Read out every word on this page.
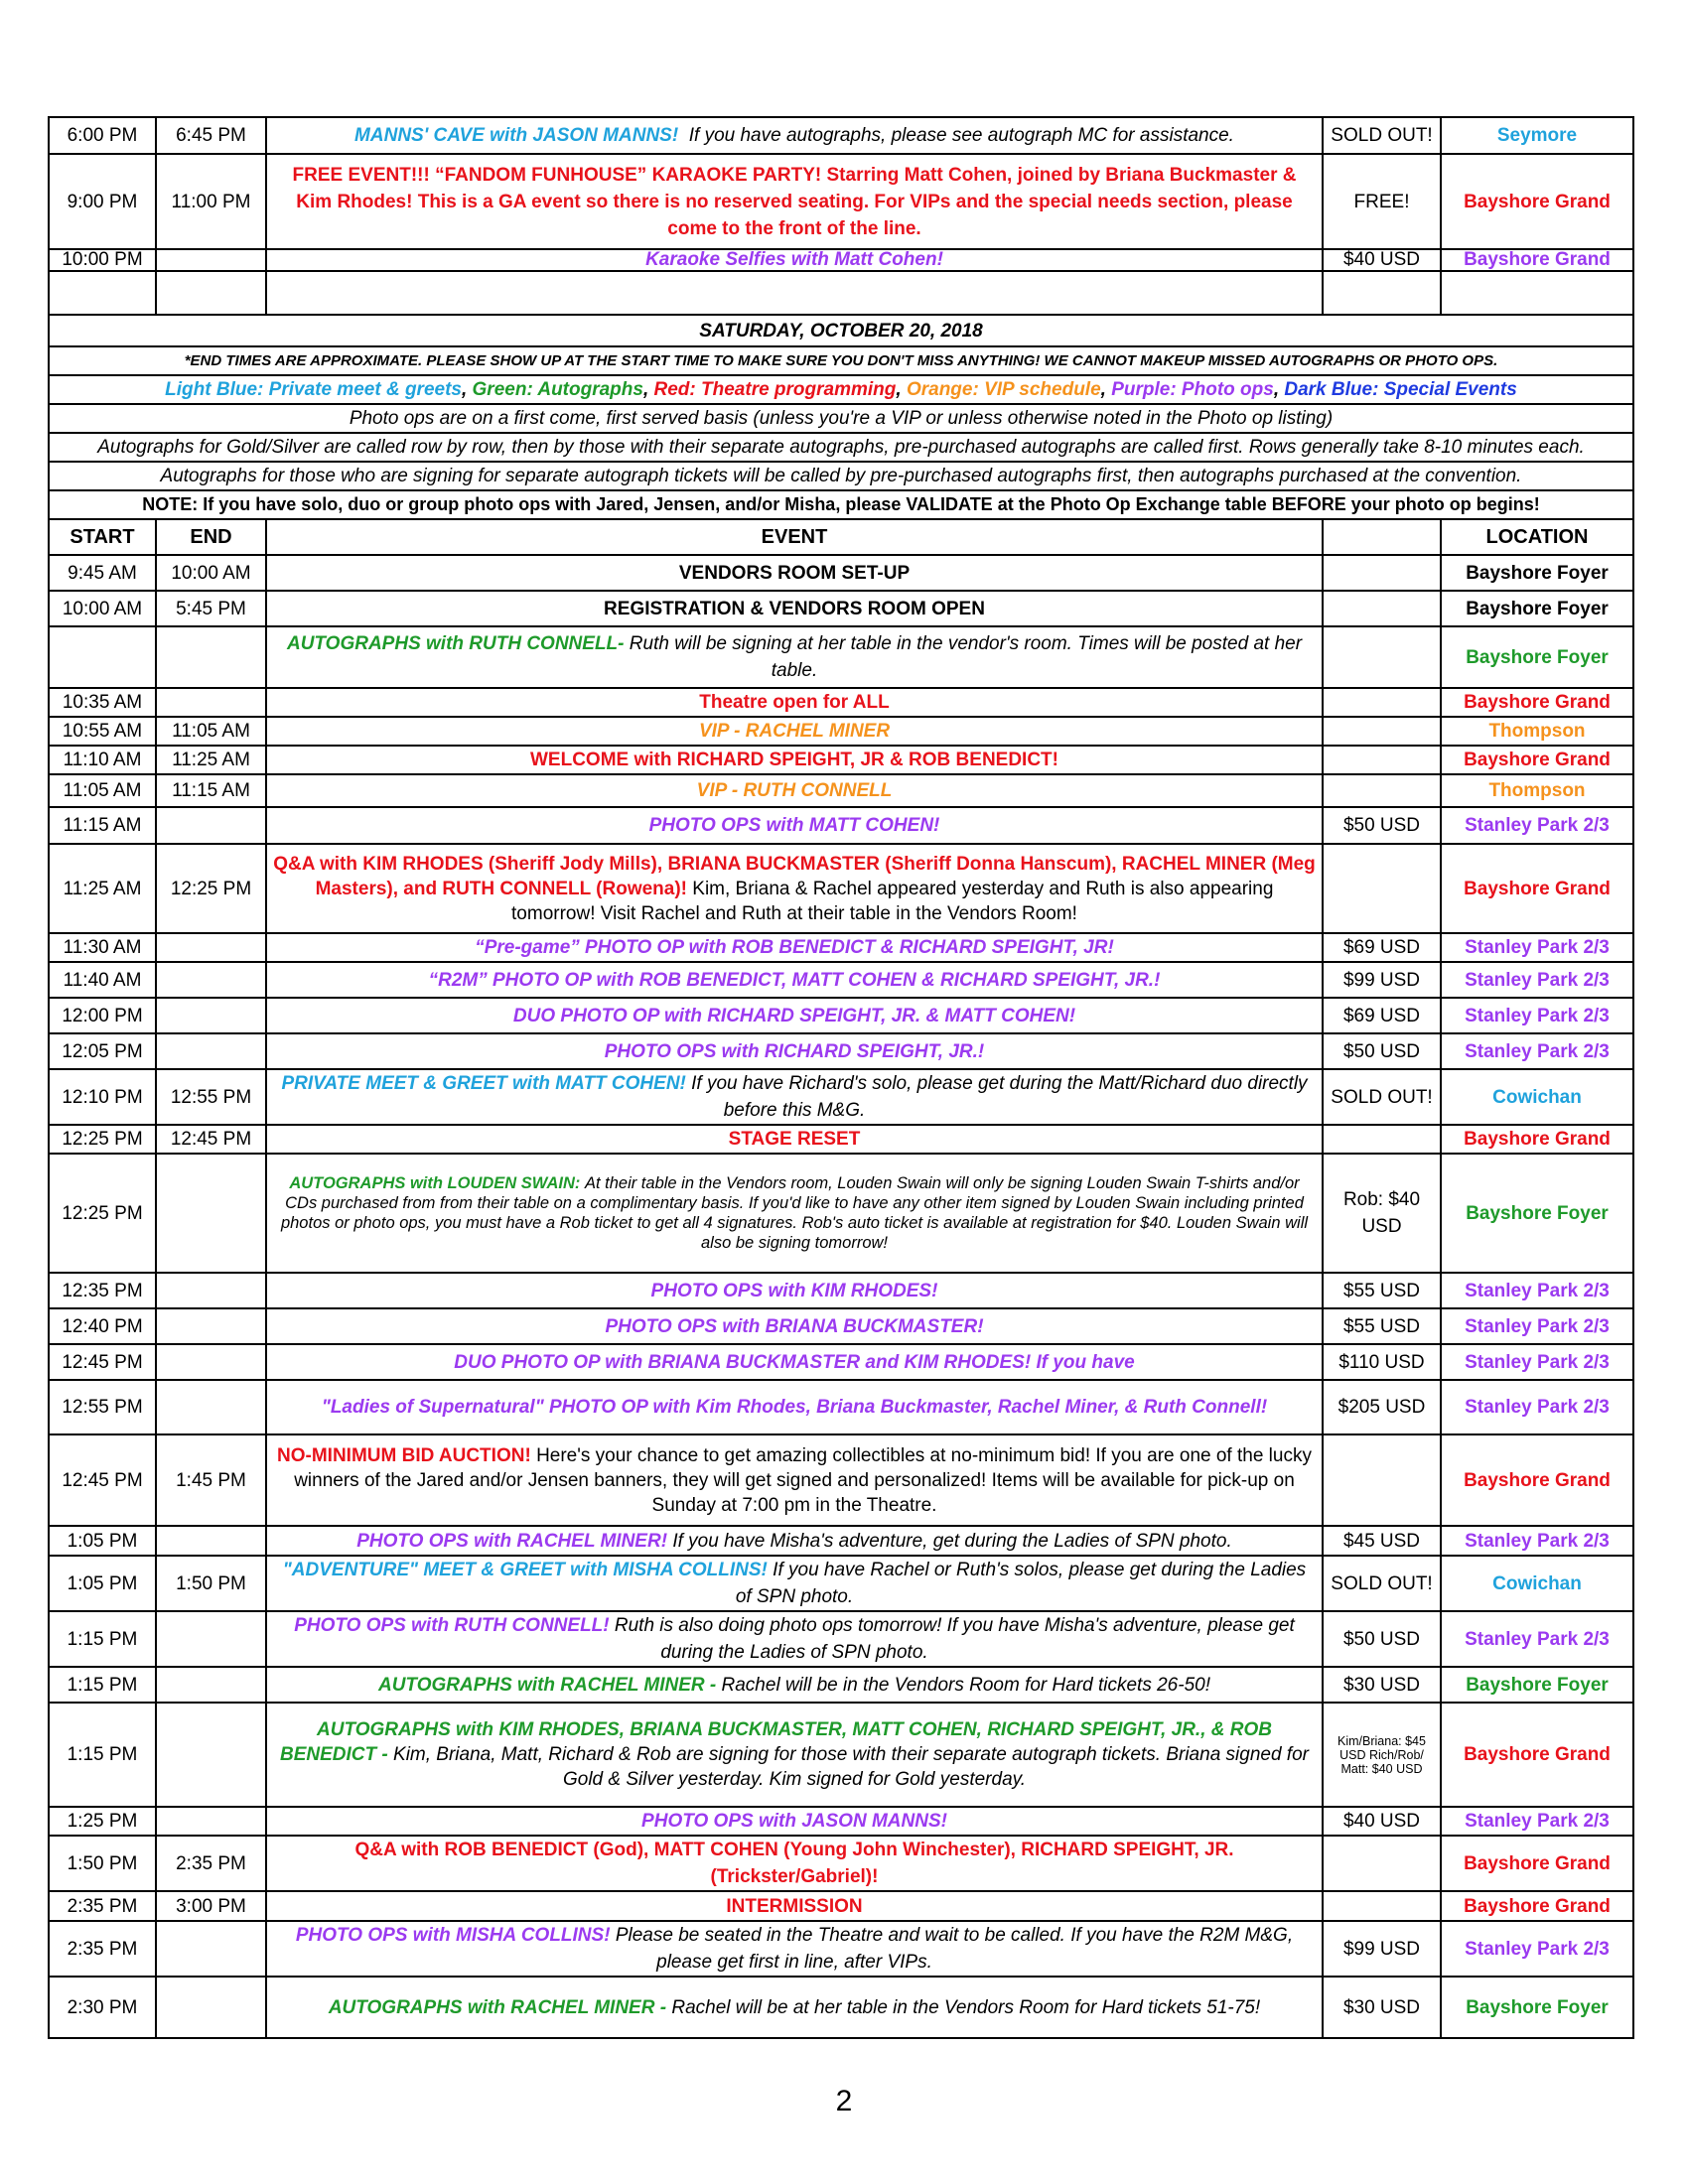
6:00 PM	6:45 PM	MANNS' CAVE with JASON MANNS! If you have autographs, please see autograph MC for assistance.	SOLD OUT!	Seymore
9:00 PM	11:00 PM	FREE EVENT!!! “FANDOM FUNHOUSE” KARAOKE PARTY! Starring Matt Cohen, joined by Briana Buckmaster & Kim Rhodes! This is a GA event so there is no reserved seating. For VIPs and the special needs section, please come to the front of the line.	FREE!	Bayshore Grand
10:00 PM		Karaoke Selfies with Matt Cohen!	$40 USD	Bayshore Grand

SATURDAY, OCTOBER 20, 2018				
*END TIMES ARE APPROXIMATE. PLEASE SHOW UP AT THE START TIME TO MAKE SURE YOU DON'T MISS ANYTHING! WE CANNOT MAKEUP MISSED AUTOGRAPHS OR PHOTO OPS.				
Light Blue: Private meet & greets, Green: Autographs, Red: Theatre programming, Orange: VIP schedule, Purple: Photo ops, Dark Blue: Special Events				
Photo ops are on a first come, first served basis (unless you're a VIP or unless otherwise noted in the Photo op listing)				
Autographs for Gold/Silver are called row by row, then by those with their separate autographs, pre-purchased autographs are called first. Rows generally take 8-10 minutes each.				
Autographs for those who are signing for separate autograph tickets will be called by pre-purchased autographs first, then autographs purchased at the convention.				
NOTE: If you have solo, duo or group photo ops with Jared, Jensen, and/or Misha, please VALIDATE at the Photo Op Exchange table BEFORE your photo op begins!				
START	END	EVENT		LOCATION
9:45 AM	10:00 AM	VENDORS ROOM SET-UP		Bayshore Foyer
10:00 AM	5:45 PM	REGISTRATION & VENDORS ROOM OPEN		Bayshore Foyer
		AUTOGRAPHS with RUTH CONNELL- Ruth will be signing at her table in the vendor's room. Times will be posted at her table.		Bayshore Foyer
10:35 AM		Theatre open for ALL		Bayshore Grand
10:55 AM	11:05 AM	VIP - RACHEL MINER		Thompson
11:10 AM	11:25 AM	WELCOME with RICHARD SPEIGHT, JR & ROB BENEDICT!		Bayshore Grand
11:05 AM	11:15 AM	VIP - RUTH CONNELL		Thompson
11:15 AM		PHOTO OPS with MATT COHEN!	$50 USD	Stanley Park 2/3
11:25 AM	12:25 PM	Q&A with KIM RHODES (Sheriff Jody Mills), BRIANA BUCKMASTER (Sheriff Donna Hanscum), RACHEL MINER (Meg Masters), and RUTH CONNELL (Rowena)! Kim, Briana & Rachel appeared yesterday and Ruth is also appearing tomorrow! Visit Rachel and Ruth at their table in the Vendors Room!		Bayshore Grand
11:30 AM		“Pre-game” PHOTO OP with ROB BENEDICT & RICHARD SPEIGHT, JR!	$69 USD	Stanley Park 2/3
11:40 AM		“R2M” PHOTO OP with ROB BENEDICT, MATT COHEN & RICHARD SPEIGHT, JR.!	$99 USD	Stanley Park 2/3
12:00 PM		DUO PHOTO OP with RICHARD SPEIGHT, JR. & MATT COHEN!	$69 USD	Stanley Park 2/3
12:05 PM		PHOTO OPS with RICHARD SPEIGHT, JR.!	$50 USD	Stanley Park 2/3
12:10 PM	12:55 PM	PRIVATE MEET & GREET with MATT COHEN! If you have Richard's solo, please get during the Matt/Richard duo directly before this M&G.	SOLD OUT!	Cowichan
12:25 PM	12:45 PM	STAGE RESET		Bayshore Grand
12:25 PM		AUTOGRAPHS with LOUDEN SWAIN: At their table in the Vendors room, Louden Swain will only be signing Louden Swain T-shirts and/or CDs purchased from from their table on a complimentary basis. If you'd like to have any other item signed by Louden Swain including printed photos or photo ops, you must have a Rob ticket to get all 4 signatures. Rob's auto ticket is available at registration for $40. Louden Swain will also be signing tomorrow!	Rob: $40 USD	Bayshore Foyer
12:35 PM		PHOTO OPS with KIM RHODES!	$55 USD	Stanley Park 2/3
12:40 PM		PHOTO OPS with BRIANA BUCKMASTER!	$55 USD	Stanley Park 2/3
12:45 PM		DUO PHOTO OP with BRIANA BUCKMASTER and KIM RHODES! If you have	$110 USD	Stanley Park 2/3
12:55 PM		"Ladies of Supernatural" PHOTO OP with Kim Rhodes, Briana Buckmaster, Rachel Miner, & Ruth Connell!	$205 USD	Stanley Park 2/3
12:45 PM	1:45 PM	NO-MINIMUM BID AUCTION! Here's your chance to get amazing collectibles at no-minimum bid! If you are one of the lucky winners of the Jared and/or Jensen banners, they will get signed and personalized! Items will be available for pick-up on Sunday at 7:00 pm in the Theatre.		Bayshore Grand
1:05 PM		PHOTO OPS with RACHEL MINER! If you have Misha's adventure, get during the Ladies of SPN photo.	$45 USD	Stanley Park 2/3
1:05 PM	1:50 PM	"ADVENTURE" MEET & GREET with MISHA COLLINS! If you have Rachel or Ruth's solos, please get during the Ladies of SPN photo.	SOLD OUT!	Cowichan
1:15 PM		PHOTO OPS with RUTH CONNELL! Ruth is also doing photo ops tomorrow! If you have Misha's adventure, please get during the Ladies of SPN photo.	$50 USD	Stanley Park 2/3
1:15 PM		AUTOGRAPHS with RACHEL MINER - Rachel will be in the Vendors Room for Hard tickets 26-50!	$30 USD	Bayshore Foyer
1:15 PM		AUTOGRAPHS with KIM RHODES, BRIANA BUCKMASTER, MATT COHEN, RICHARD SPEIGHT, JR., & ROB BENEDICT - Kim, Briana, Matt, Richard & Rob are signing for those with their separate autograph tickets. Briana signed for Gold & Silver yesterday. Kim signed for Gold yesterday.	Kim/Briana: $45 USD Rich/Rob/ Matt: $40 USD	Bayshore Grand
1:25 PM		PHOTO OPS with JASON MANNS!	$40 USD	Stanley Park 2/3
1:50 PM	2:35 PM	Q&A with ROB BENEDICT (God), MATT COHEN (Young John Winchester), RICHARD SPEIGHT, JR. (Trickster/Gabriel)!		Bayshore Grand
2:35 PM	3:00 PM	INTERMISSION		Bayshore Grand
2:35 PM		PHOTO OPS with MISHA COLLINS! Please be seated in the Theatre and wait to be called. If you have the R2M M&G, please get first in line, after VIPs.	$99 USD	Stanley Park 2/3
2:30 PM		AUTOGRAPHS with RACHEL MINER - Rachel will be at her table in the Vendors Room for Hard tickets 51-75!	$30 USD	Bayshore Foyer
2
